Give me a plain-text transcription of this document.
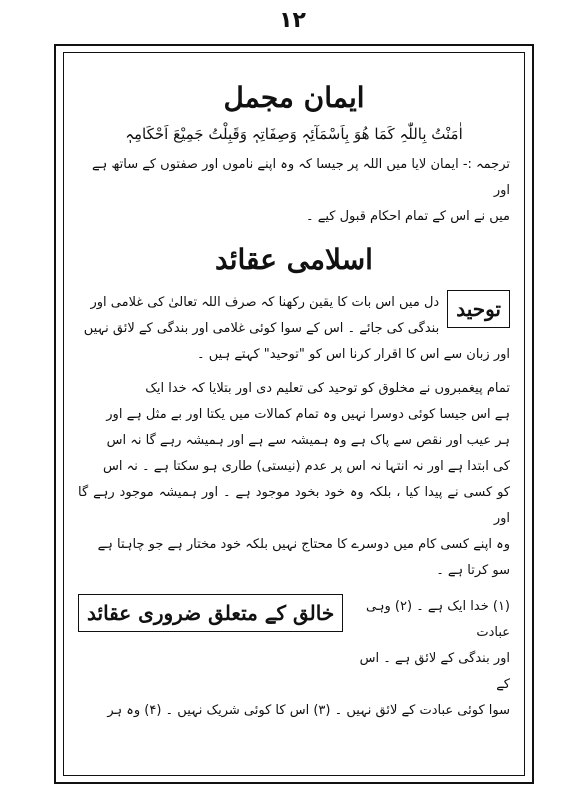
۱۲
ایمان مجمل
اٰمَنْتُ بِاللّٰہِ کَمَا ھُوَ بِاَسْمَآئِہٖ وَصِفَاتِہٖ وَقَبِلْتُ جَمِیْعَ اَحْکَامِہٖ

ترجمہ :- ایمان لایا میں اللہ پر جیسا کہ وہ اپنے ناموں اور صفتوں کے ساتھ ہے اور

میں نے اس کے تمام احکام قبول کیے ۔

اسلامی عقائد
توحید

دل میں اس بات کا یقین رکھنا کہ صرف اللہ تعالیٰ کی غلامی اور

بندگی کی جائے ۔ اس کے سوا کوئی غلامی اور بندگی کے لائق نہیں

اور زبان سے اس کا اقرار کرنا اس کو "توحید" کہتے ہیں ۔

تمام پیغمبروں نے مخلوق کو توحید کی تعلیم دی اور بتلایا کہ خدا ایک

ہے اس جیسا کوئی دوسرا نہیں وہ تمام کمالات میں یکتا اور بے مثل ہے اور

ہر عیب اور نقص سے پاک ہے وہ ہمیشہ سے ہے اور ہمیشہ رہے گا نہ اس

کی ابتدا ہے اور نہ انتہا نہ اس پر عدم (نیستی) طاری ہو سکتا ہے ۔ نہ اس

کو کسی نے پیدا کیا ، بلکہ وہ خود بخود موجود ہے ۔ اور ہمیشہ موجود رہے گا اور

وہ اپنے کسی کام میں دوسرے کا محتاج نہیں بلکہ خود مختار ہے جو چاہتا ہے

سو کرتا ہے ۔

(۱) خدا ایک ہے ۔ (۲) وہی عبادت

اور بندگی کے لائق ہے ۔ اس کے

خالق کے متعلق ضروری عقائد

سوا کوئی عبادت کے لائق نہیں ۔ (۳) اس کا کوئی شریک نہیں ۔ (۴) وہ ہر
